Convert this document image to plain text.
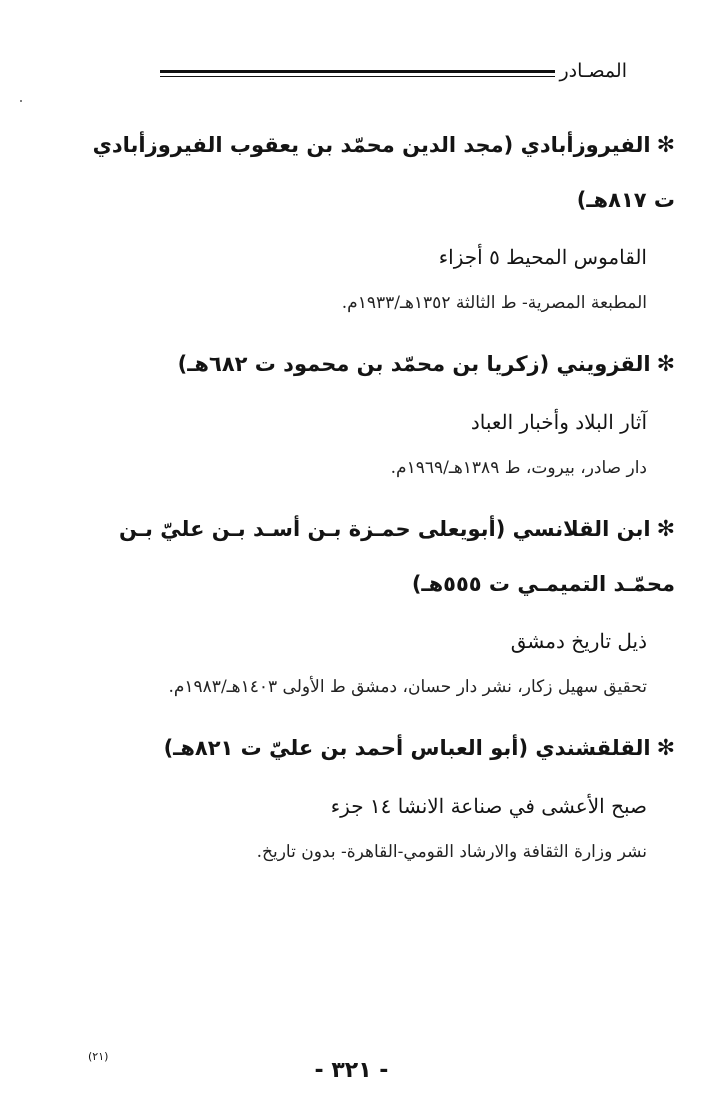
المصـادر

✻الفيروزأبادي (مجد الدين محمّد بن يعقوب الفيروزأبادي ت ٨١٧هـ)

القاموس المحيط ٥ أجزاء

المطبعة المصرية- ط الثالثة ١٣٥٢هـ/١٩٣٣م.

✻القزويني (زكريا بن محمّد بن محمود ت ٦٨٢هـ)

آثار البلاد وأخبار العباد

دار صادر، بيروت، ط ١٣٨٩هـ/١٩٦٩م.

✻ابن القلانسي (أبويعلى حمـزة بـن أسـد بـن عليّ بـن محمّـد التميمـي ت ٥٥٥هـ)

ذيل تاريخ دمشق

تحقيق سهيل زكار، نشر دار حسان، دمشق ط الأولى ١٤٠٣هـ/١٩٨٣م.

✻القلقشندي (أبو العباس أحمد بن عليّ ت ٨٢١هـ)

صبح الأعشى في صناعة الانشا ١٤ جزء

نشر وزارة الثقافة والارشاد القومي-القاهرة- بدون تاريخ.

(٢١)
- ٣٢١ -
